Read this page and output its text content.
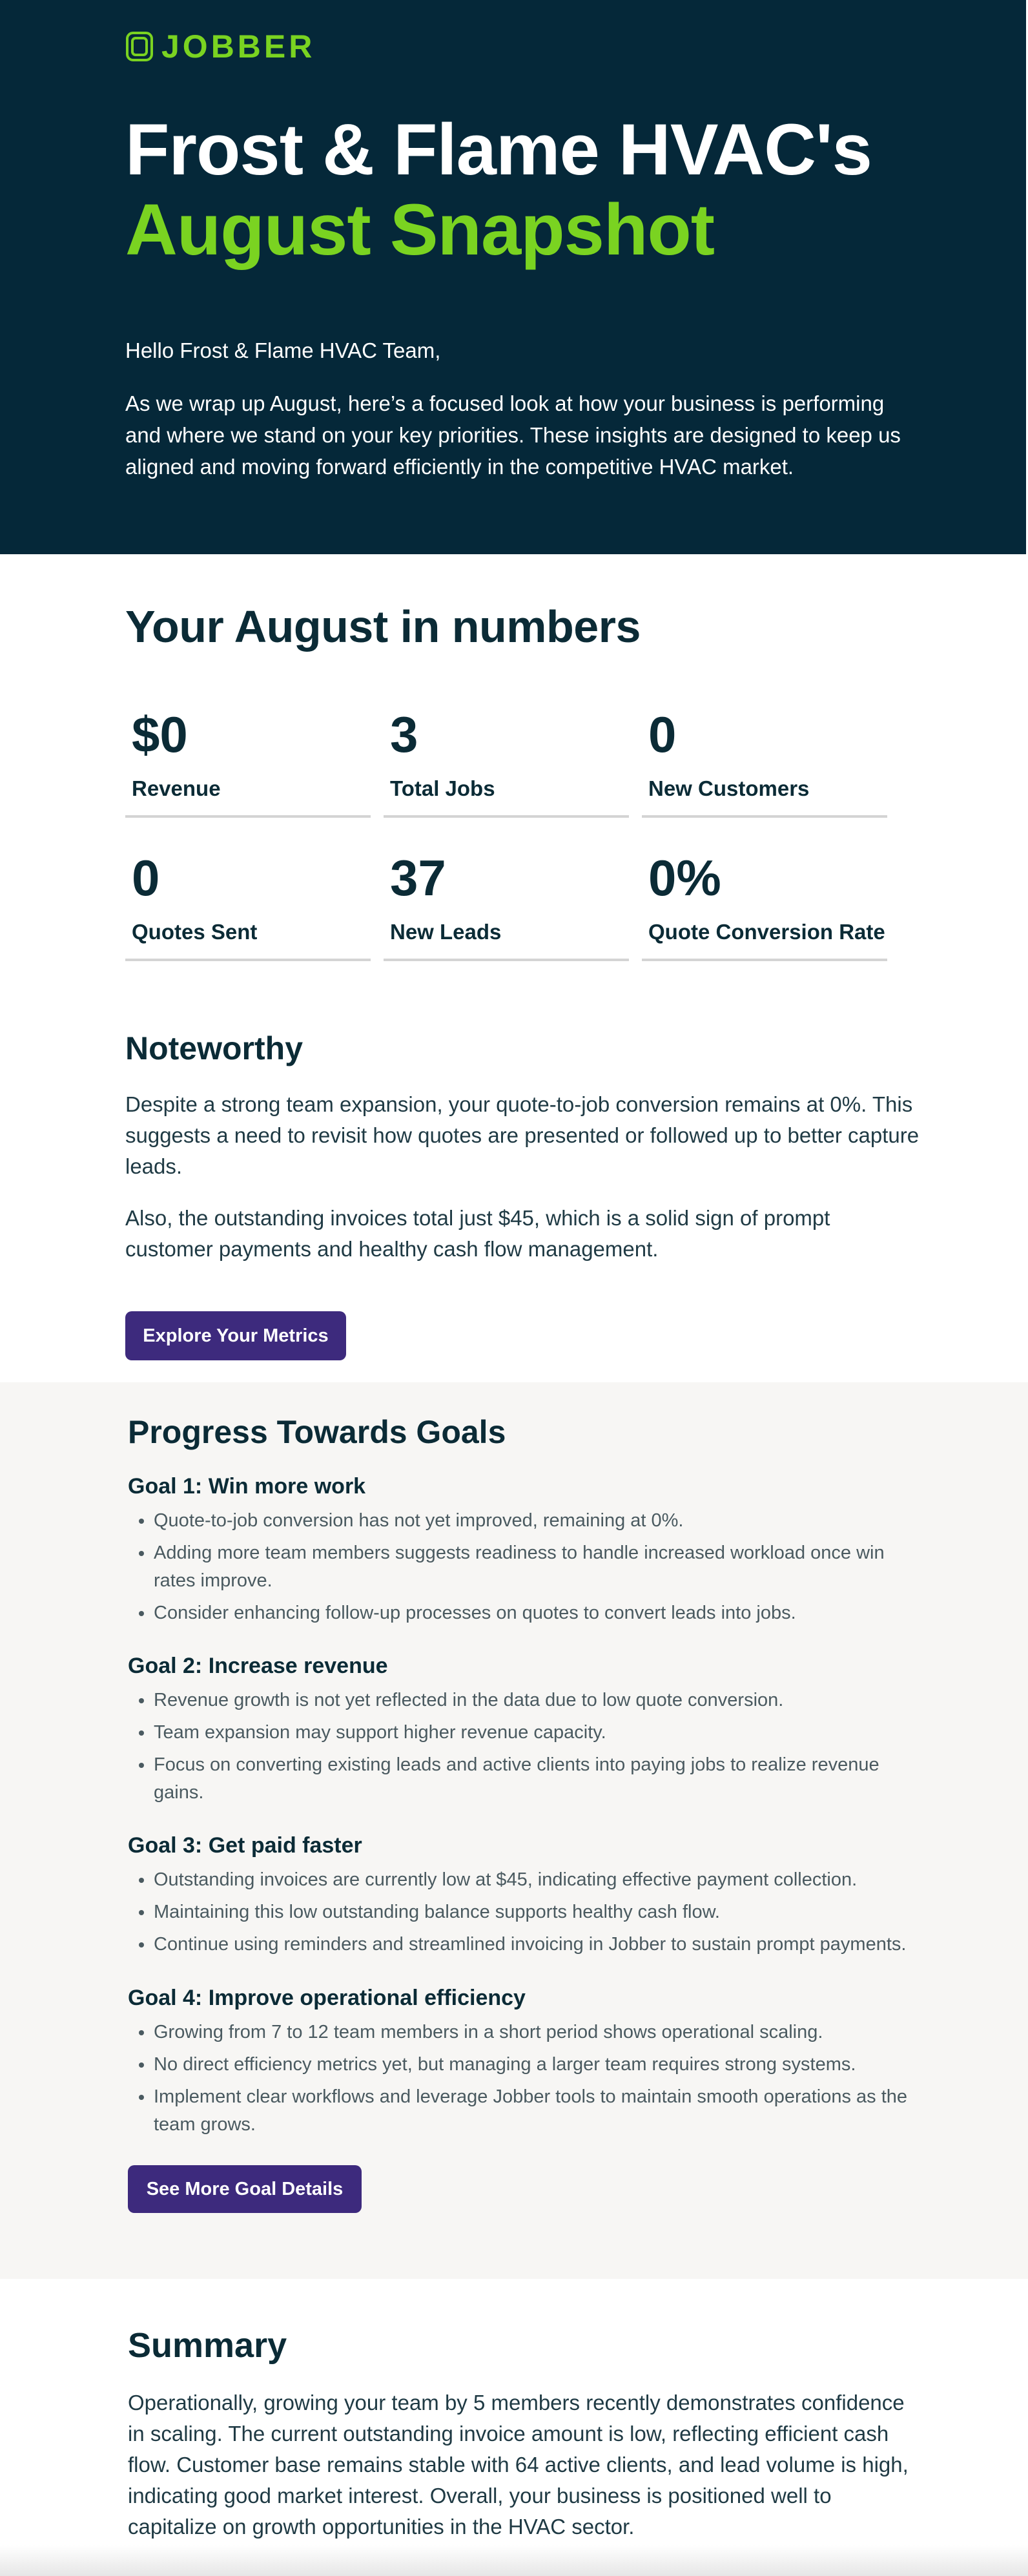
JOBBER
Frost & Flame HVAC's
August Snapshot

Hello Frost & Flame HVAC Team,

As we wrap up August, here’s a focused look at how your business is performing and where we stand on your key priorities. These insights are designed to keep us aligned and moving forward efficiently in the competitive HVAC market.

Your August in numbers
$0
Revenue
3
Total Jobs
0
New Customers
0
Quotes Sent
37
New Leads
0%
Quote Conversion Rate
Noteworthy

Despite a strong team expansion, your quote-to-job conversion remains at 0%. This suggests a need to revisit how quotes are presented or followed up to better capture leads.

Also, the outstanding invoices total just $45, which is a solid sign of prompt customer payments and healthy cash flow management.

Explore Your Metrics
Progress Towards Goals
Goal 1: Win more work
• Quote-to-job conversion has not yet improved, remaining at 0%.
• Adding more team members suggests readiness to handle increased workload once win rates improve.
• Consider enhancing follow-up processes on quotes to convert leads into jobs.
Goal 2: Increase revenue
• Revenue growth is not yet reflected in the data due to low quote conversion.
• Team expansion may support higher revenue capacity.
• Focus on converting existing leads and active clients into paying jobs to realize revenue gains.
Goal 3: Get paid faster
• Outstanding invoices are currently low at $45, indicating effective payment collection.
• Maintaining this low outstanding balance supports healthy cash flow.
• Continue using reminders and streamlined invoicing in Jobber to sustain prompt payments.
Goal 4: Improve operational efficiency
• Growing from 7 to 12 team members in a short period shows operational scaling.
• No direct efficiency metrics yet, but managing a larger team requires strong systems.
• Implement clear workflows and leverage Jobber tools to maintain smooth operations as the team grows.
See More Goal Details
Summary

Operationally, growing your team by 5 members recently demonstrates confidence in scaling. The current outstanding invoice amount is low, reflecting efficient cash flow. Customer base remains stable with 64 active clients, and lead volume is high, indicating good market interest. Overall, your business is positioned well to capitalize on growth opportunities in the HVAC sector.
